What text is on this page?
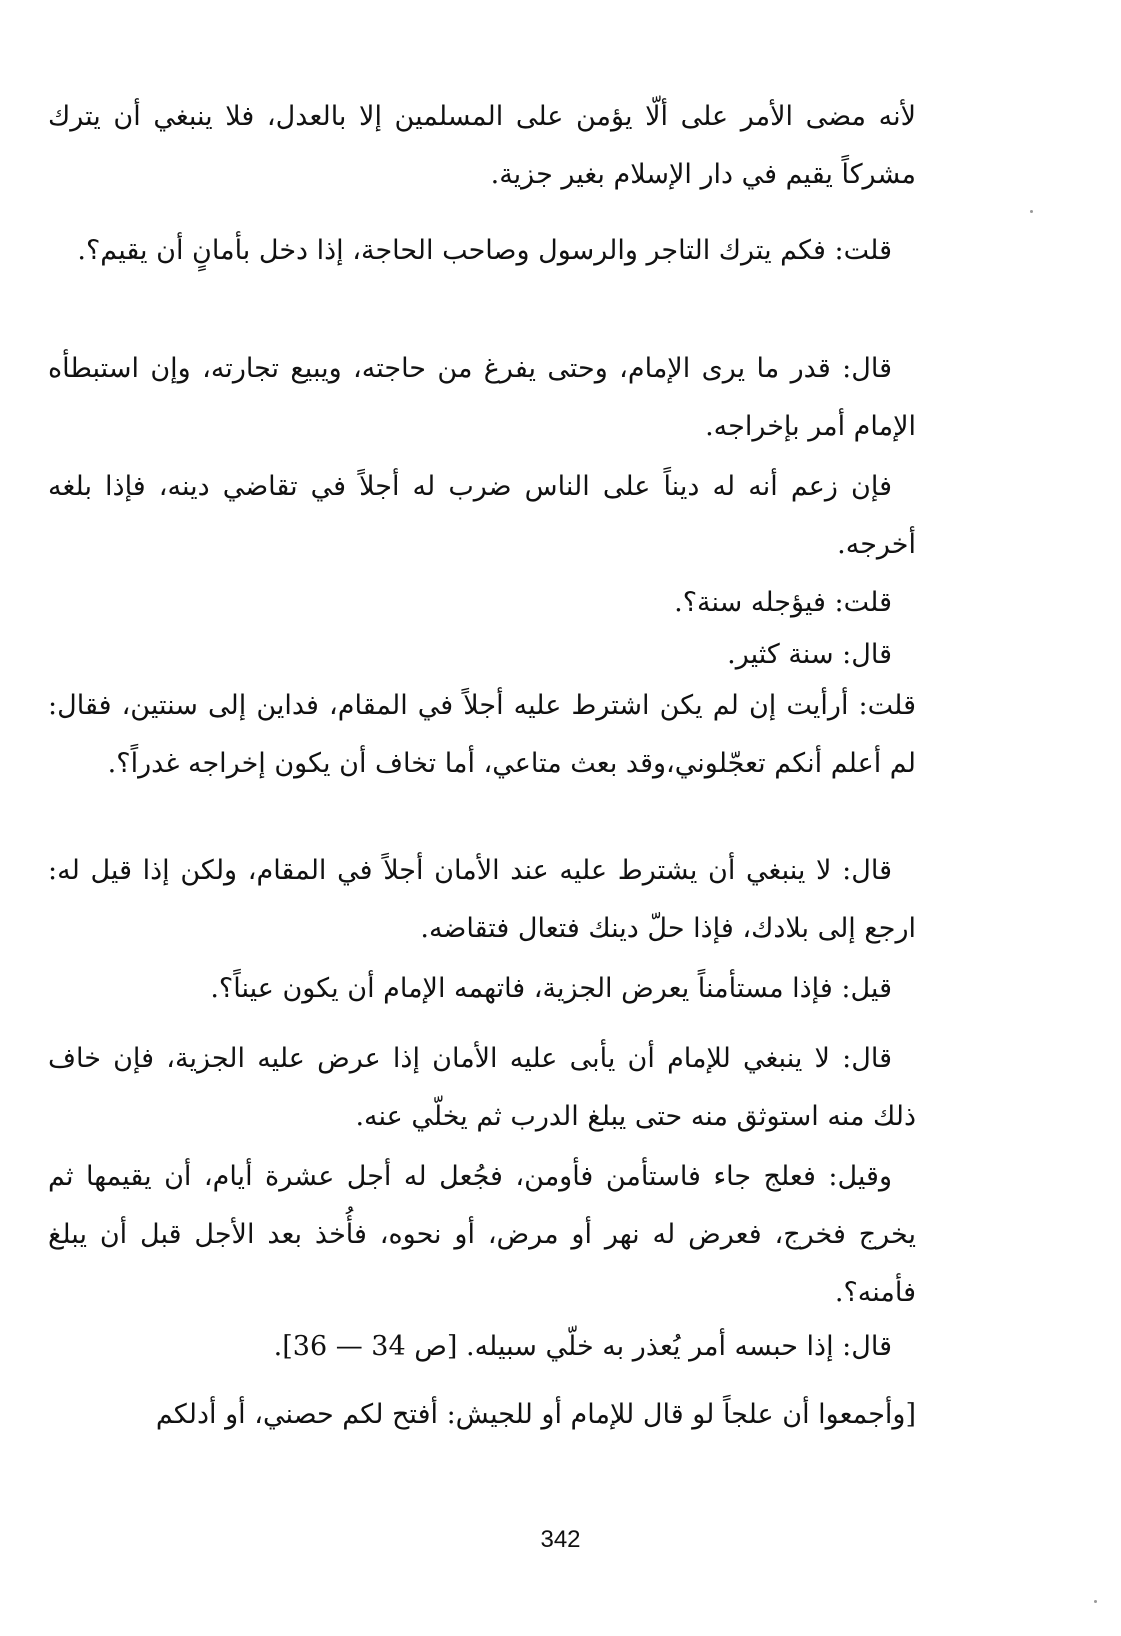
لأنه مضى الأمر على ألّا يؤمن على المسلمين إلا بالعدل، فلا ينبغي أن يترك مشركاً يقيم في دار الإسلام بغير جزية.

قلت: فكم يترك التاجر والرسول وصاحب الحاجة، إذا دخل بأمانٍ أن يقيم؟.

قال: قدر ما يرى الإمام، وحتى يفرغ من حاجته، ويبيع تجارته، وإن استبطأه الإمام أمر بإخراجه.

فإن زعم أنه له ديناً على الناس ضرب له أجلاً في تقاضي دينه، فإذا بلغه أخرجه.

قلت: فيؤجله سنة؟.

قال: سنة كثير.

قلت: أرأيت إن لم يكن اشترط عليه أجلاً في المقام، فداين إلى سنتين، فقال: لم أعلم أنكم تعجّلوني،وقد بعث متاعي، أما تخاف أن يكون إخراجه غدراً؟.

قال: لا ينبغي أن يشترط عليه عند الأمان أجلاً في المقام، ولكن إذا قيل له: ارجع إلى بلادك، فإذا حلّ دينك فتعال فتقاضه.

قيل: فإذا مستأمناً يعرض الجزية، فاتهمه الإمام أن يكون عيناً؟.

قال: لا ينبغي للإمام أن يأبى عليه الأمان إذا عرض عليه الجزية، فإن خاف ذلك منه استوثق منه حتى يبلغ الدرب ثم يخلّي عنه.

وقيل: فعلج جاء فاستأمن فأومن، فجُعل له أجل عشرة أيام، أن يقيمها ثم يخرج فخرج، فعرض له نهر أو مرض، أو نحوه، فأُخذ بعد الأجل قبل أن يبلغ فأمنه؟.

قال: إذا حبسه أمر يُعذر به خلّي سبيله. [ص 34 — 36].

[وأجمعوا أن علجاً لو قال للإمام أو للجيش: أفتح لكم حصني، أو أدلكم

342
